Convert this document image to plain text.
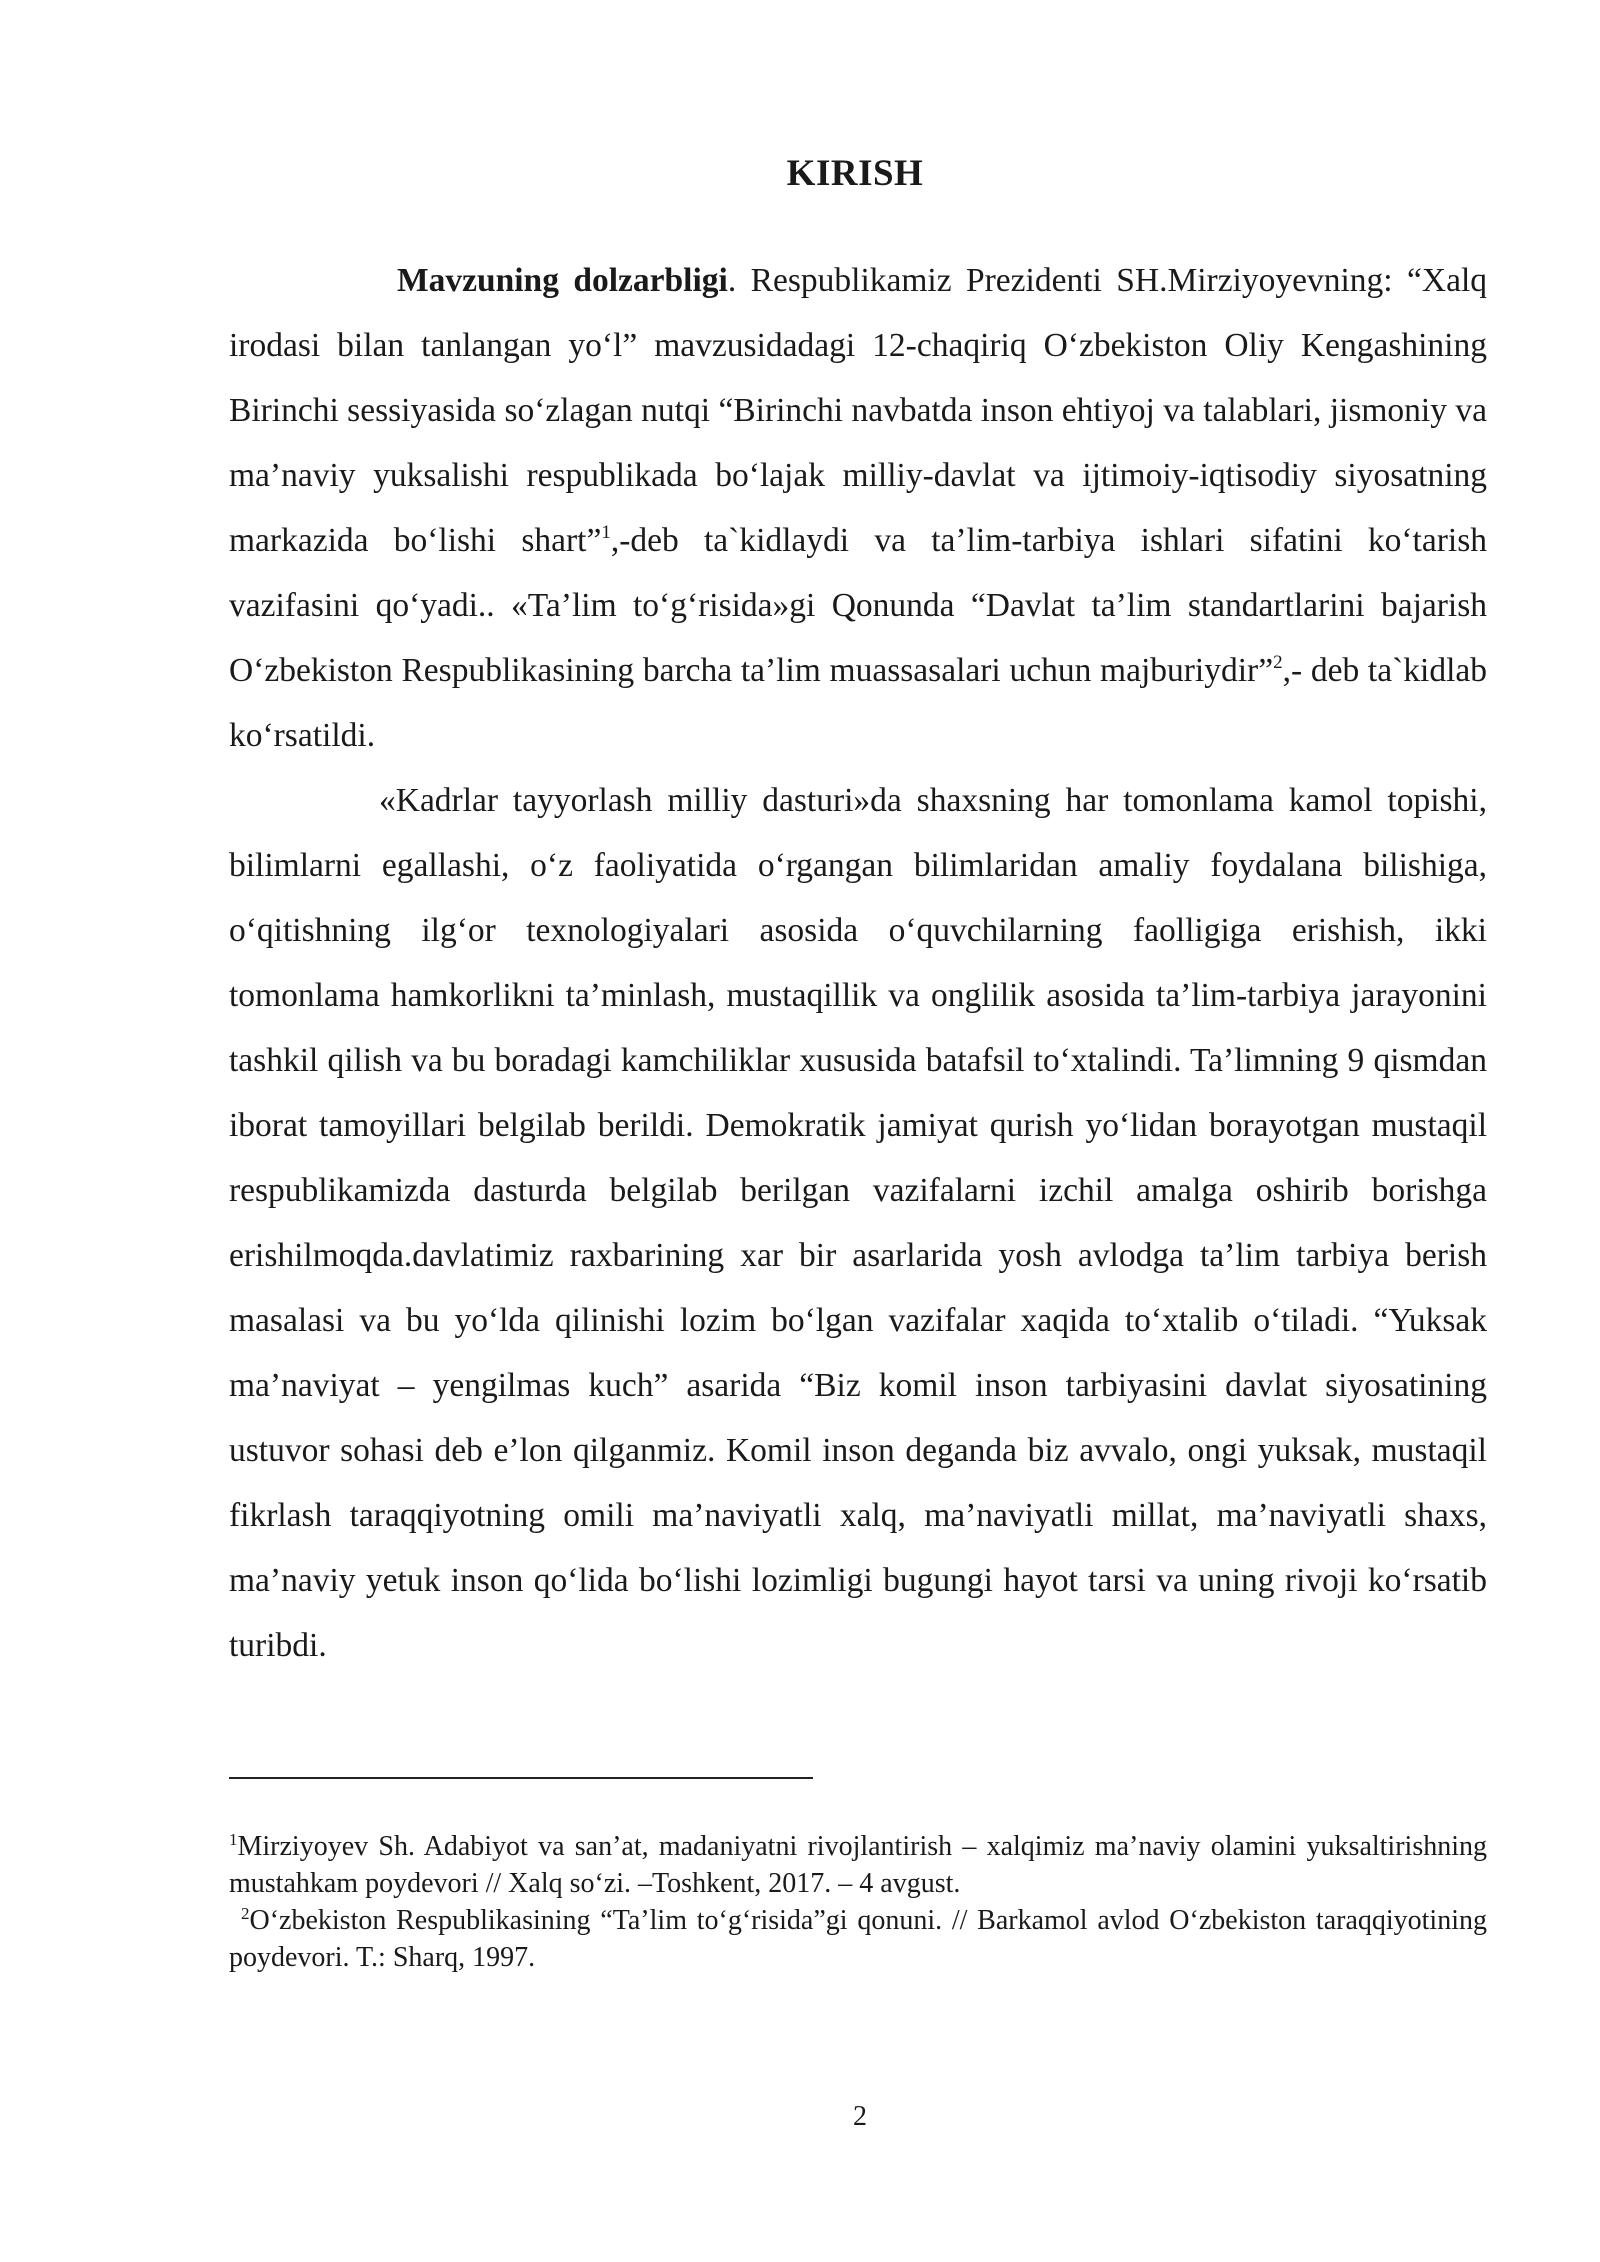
KIRISH

Mavzuning dolzarbligi. Respublikamiz Prezidenti SH.Mirziyoyevning: “Xalq irodasi bilan tanlangan yo‘l” mavzusidadagi 12-chaqiriq O‘zbekiston Oliy Kengashining Birinchi sessiyasida so‘zlagan nutqi “Birinchi navbatda inson ehtiyoj va talablari, jismoniy va ma’naviy yuksalishi respublikada bo‘lajak milliy-davlat va ijtimoiy-iqtisodiy siyosatning markazida bo‘lishi shart”$^1$,-deb ta`kidlaydi va ta’lim-tarbiya ishlari sifatini ko‘tarish vazifasini qo‘yadi.. «Ta’lim to‘g‘risida»gi Qonunda “Davlat ta’lim standartlarini bajarish O‘zbekiston Respublikasining barcha ta’lim muassasalari uchun majburiydir”$^2$,- deb ta`kidlab ko‘rsatildi.

«Kadrlar tayyorlash milliy dasturi»da shaxsning har tomonlama kamol topishi, bilimlarni egallashi, o‘z faoliyatida o‘rgangan bilimlaridan amaliy foydalana bilishiga, o‘qitishning ilg‘or texnologiyalari asosida o‘quvchilarning faolligiga erishish, ikki tomonlama hamkorlikni ta’minlash, mustaqillik va onglilik asosida ta’lim-tarbiya jarayonini tashkil qilish va bu boradagi kamchiliklar xususida batafsil to‘xtalindi. Ta’limning 9 qismdan iborat tamoyillari belgilab berildi. Demokratik jamiyat qurish yo‘lidan borayotgan mustaqil respublikamizda dasturda belgilab berilgan vazifalarni izchil amalga oshirib borishga erishilmoqda.davlatimiz raxbarining xar bir asarlarida yosh avlodga ta’lim tarbiya berish masalasi va bu yo‘lda qilinishi lozim bo‘lgan vazifalar xaqida to‘xtalib o‘tiladi. “Yuksak ma’naviyat – yengilmas kuch” asarida “Biz komil inson tarbiyasini davlat siyosatining ustuvor sohasi deb e’lon qilganmiz. Komil inson deganda biz avvalo, ongi yuksak, mustaqil fikrlash taraqqiyotning omili ma’naviyatli xalq, ma’naviyatli millat, ma’naviyatli shaxs, ma’naviy yetuk inson qo‘lida bo‘lishi lozimligi bugungi hayot tarsi va uning rivoji ko‘rsatib turibdi.

$^1$Mirziyoyev Sh. Adabiyot va san’at, madaniyatni rivojlantirish – xalqimiz ma’naviy olamini yuksaltirishning mustahkam poydevori // Xalq so‘zi. –Toshkent, 2017. – 4 avgust.

$^2$O‘zbekiston Respublikasining “Ta’lim to‘g‘risida”gi qonuni. // Barkamol avlod O‘zbekiston taraqqiyotining poydevori. T.: Sharq, 1997.

2
